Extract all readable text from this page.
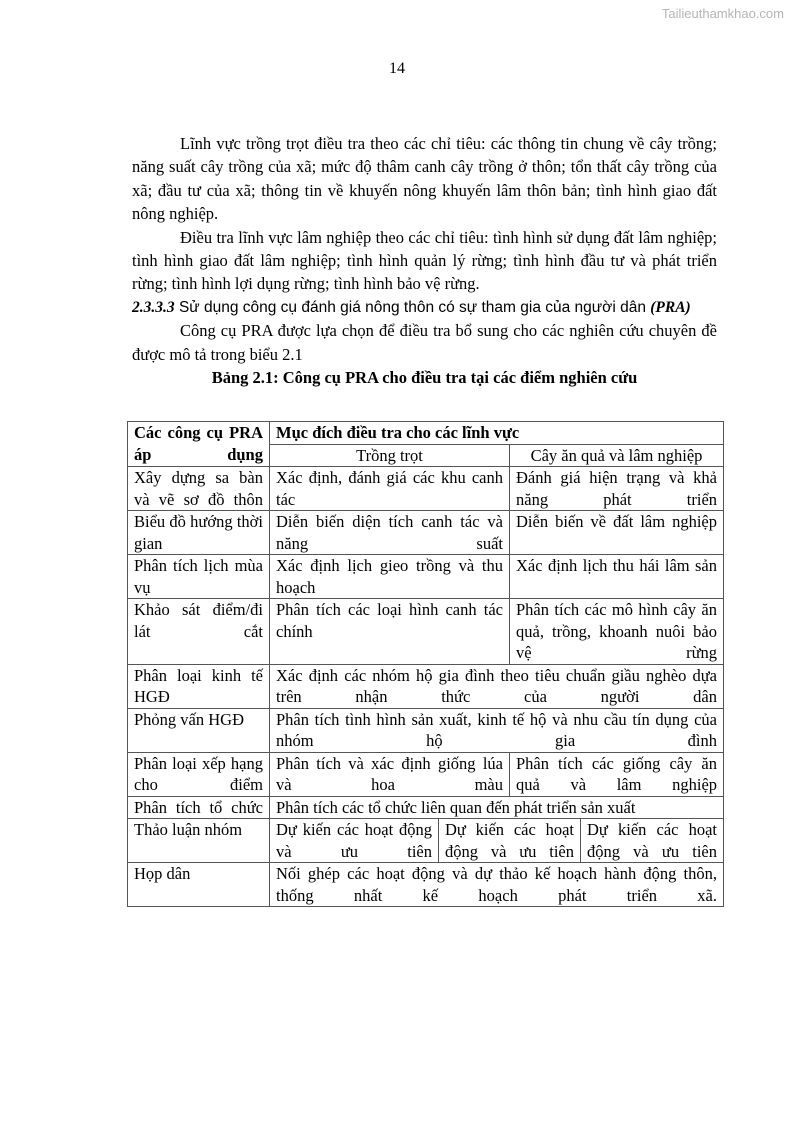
Tailieuthamkhao.com
14

Lĩnh vực trồng trọt điều tra theo các chỉ tiêu: các thông tin chung về cây trồng; năng suất cây trồng của xã; mức độ thâm canh cây trồng ở thôn; tổn thất cây trồng của xã; đầu tư của xã; thông tin về khuyến nông khuyến lâm thôn bản; tình hình giao đất nông nghiệp.

Điều tra lĩnh vực lâm nghiệp theo các chỉ tiêu: tình hình sử dụng đất lâm nghiệp; tình hình giao đất lâm nghiệp; tình hình quản lý rừng; tình hình đầu tư và phát triển rừng; tình hình lợi dụng rừng; tình hình bảo vệ rừng.

2.3.3.3 Sử dụng công cụ đánh giá nông thôn có sự tham gia của người dân (PRA)

Công cụ PRA được lựa chọn để điều tra bổ sung cho các nghiên cứu chuyên đề được mô tả trong biểu 2.1

Bảng 2.1: Công cụ PRA cho điều tra tại các điểm nghiên cứu

Các công cụ PRA áp dụng	Mục đích điều tra cho các lĩnh vực			
	Trồng trọt		Cây ăn quả và lâm nghiệp	
Xây dựng sa bàn và vẽ sơ đồ thôn	Xác định, đánh giá các khu canh tác		Đánh giá hiện trạng và khả năng phát triển	
Biểu đồ hướng thời gian	Diễn biến diện tích canh tác và năng suất		Diễn biến về đất lâm nghiệp	
Phân tích lịch mùa vụ	Xác định lịch gieo trồng và thu hoạch		Xác định lịch thu hái lâm sản	
Khảo sát điểm/đi lát cắt	Phân tích các loại hình canh tác chính		Phân tích các mô hình cây ăn quả, trồng, khoanh nuôi bảo vệ rừng	
Phân loại kinh tế HGĐ	Xác định các nhóm hộ gia đình theo tiêu chuẩn giầu nghèo dựa trên nhận thức của người dân			
Phỏng vấn HGĐ	Phân tích tình hình sản xuất, kinh tế hộ và nhu cầu tín dụng của nhóm hộ gia đình			
Phân loại xếp hạng cho điểm	Phân tích và xác định giống lúa và hoa màu		Phân tích các giống cây ăn quả và lâm nghiệp	
Phân tích tổ chức	Phân tích các tổ chức liên quan đến phát triển sản xuất			
Thảo luận nhóm	Dự kiến các hoạt động và ưu tiên	Dự kiến các hoạt động và ưu tiên		Dự kiến các hoạt động và ưu tiên
Họp dân	Nối ghép các hoạt động và dự thảo kế hoạch hành động thôn, thống nhất kế hoạch phát triển xã.			
